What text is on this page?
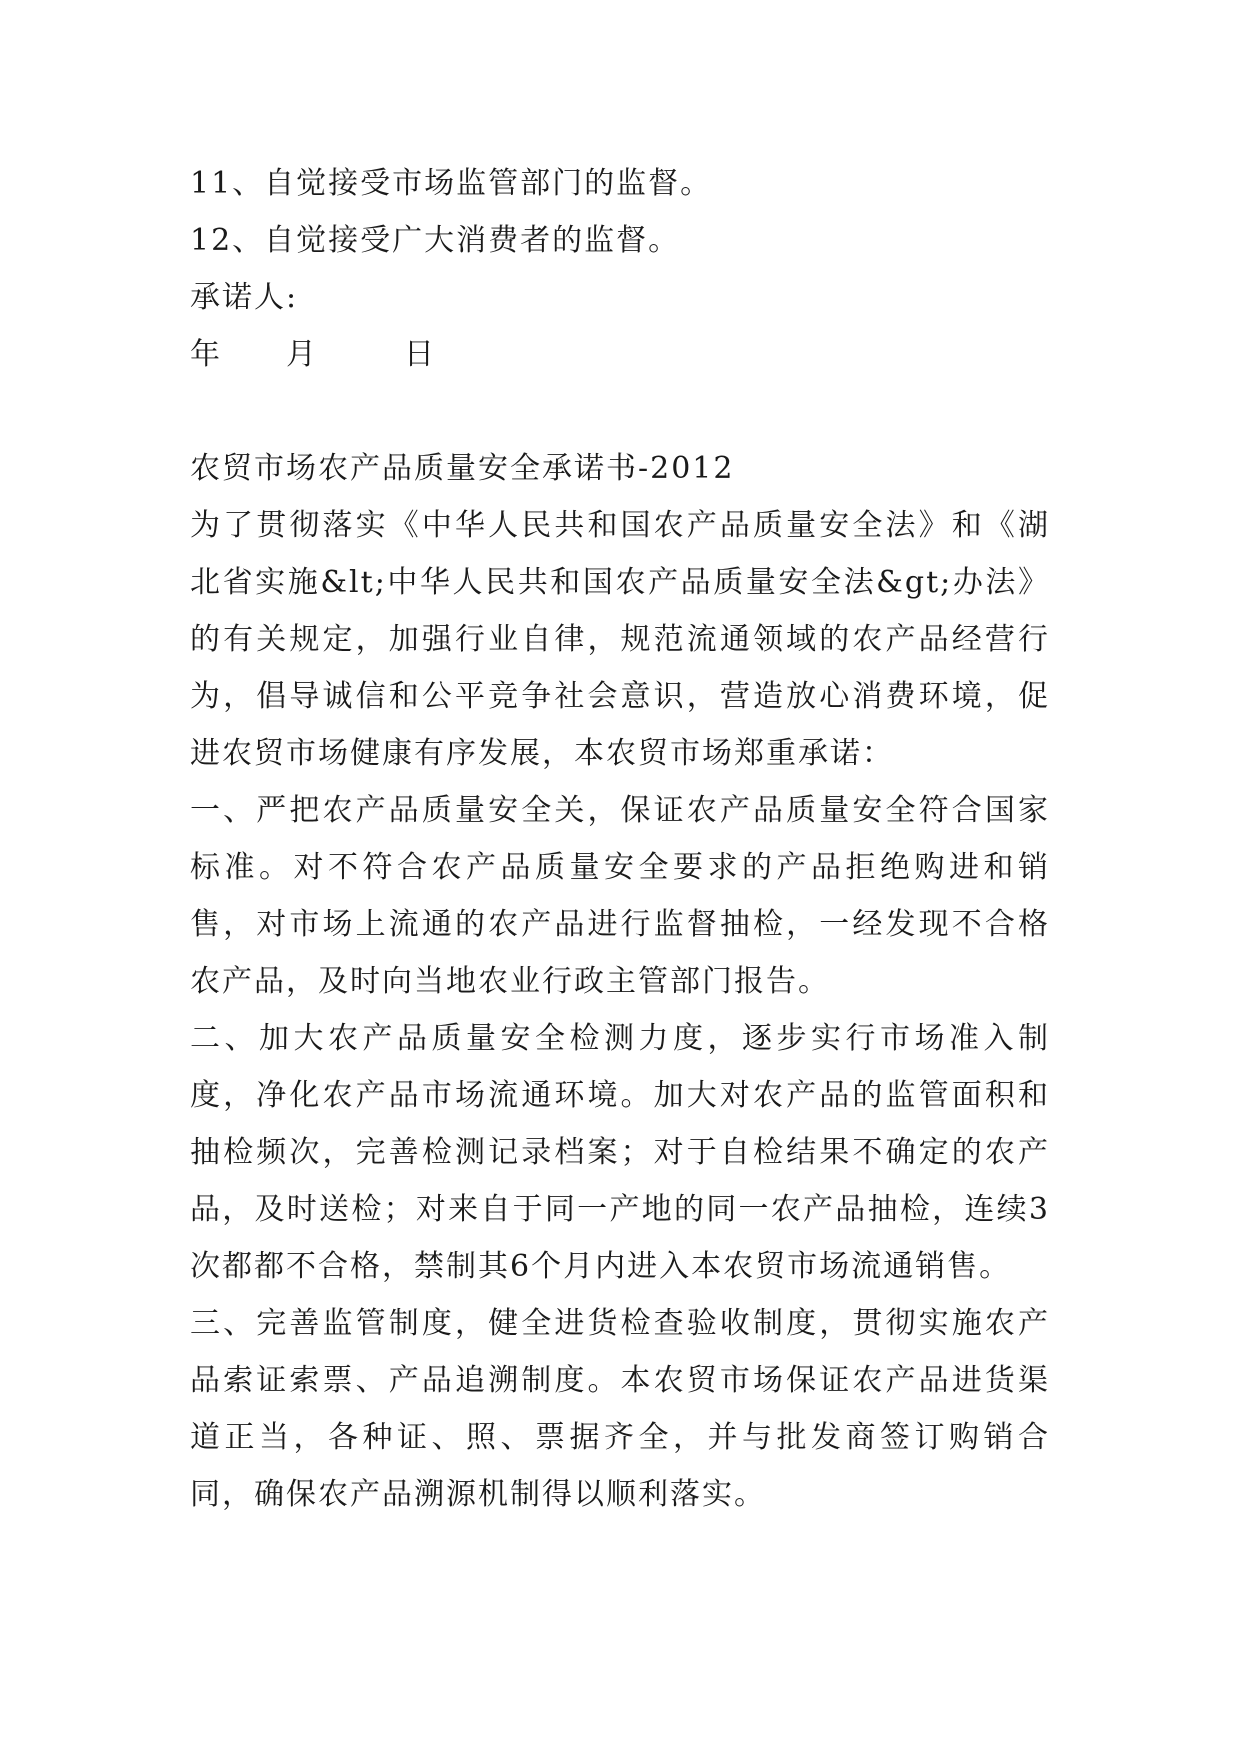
11、自觉接受市场监管部门的监督。

12、自觉接受广大消费者的监督。

承诺人:

年 月	日

农贸市场农产品质量安全承诺书-2012

为了贯彻落实《中华人民共和国农产品质量安全法》和《湖北省实施&lt;中华人民共和国农产品质量安全法&gt;办法》的有关规定，加强行业自律，规范流通领域的农产品经营行为，倡导诚信和公平竞争社会意识，营造放心消费环境，促进农贸市场健康有序发展，本农贸市场郑重承诺：

一、严把农产品质量安全关，保证农产品质量安全符合国家标准。对不符合农产品质量安全要求的产品拒绝购进和销售，对市场上流通的农产品进行监督抽检，一经发现不合格农产品，及时向当地农业行政主管部门报告。

二、加大农产品质量安全检测力度，逐步实行市场准入制度，净化农产品市场流通环境。加大对农产品的监管面积和抽检频次，完善检测记录档案；对于自检结果不确定的农产品，及时送检；对来自于同一产地的同一农产品抽检，连续3次都都不合格，禁制其6个月内进入本农贸市场流通销售。

三、完善监管制度，健全进货检查验收制度，贯彻实施农产品索证索票、产品追溯制度。本农贸市场保证农产品进货渠道正当，各种证、照、票据齐全，并与批发商签订购销合同，确保农产品溯源机制得以顺利落实。
